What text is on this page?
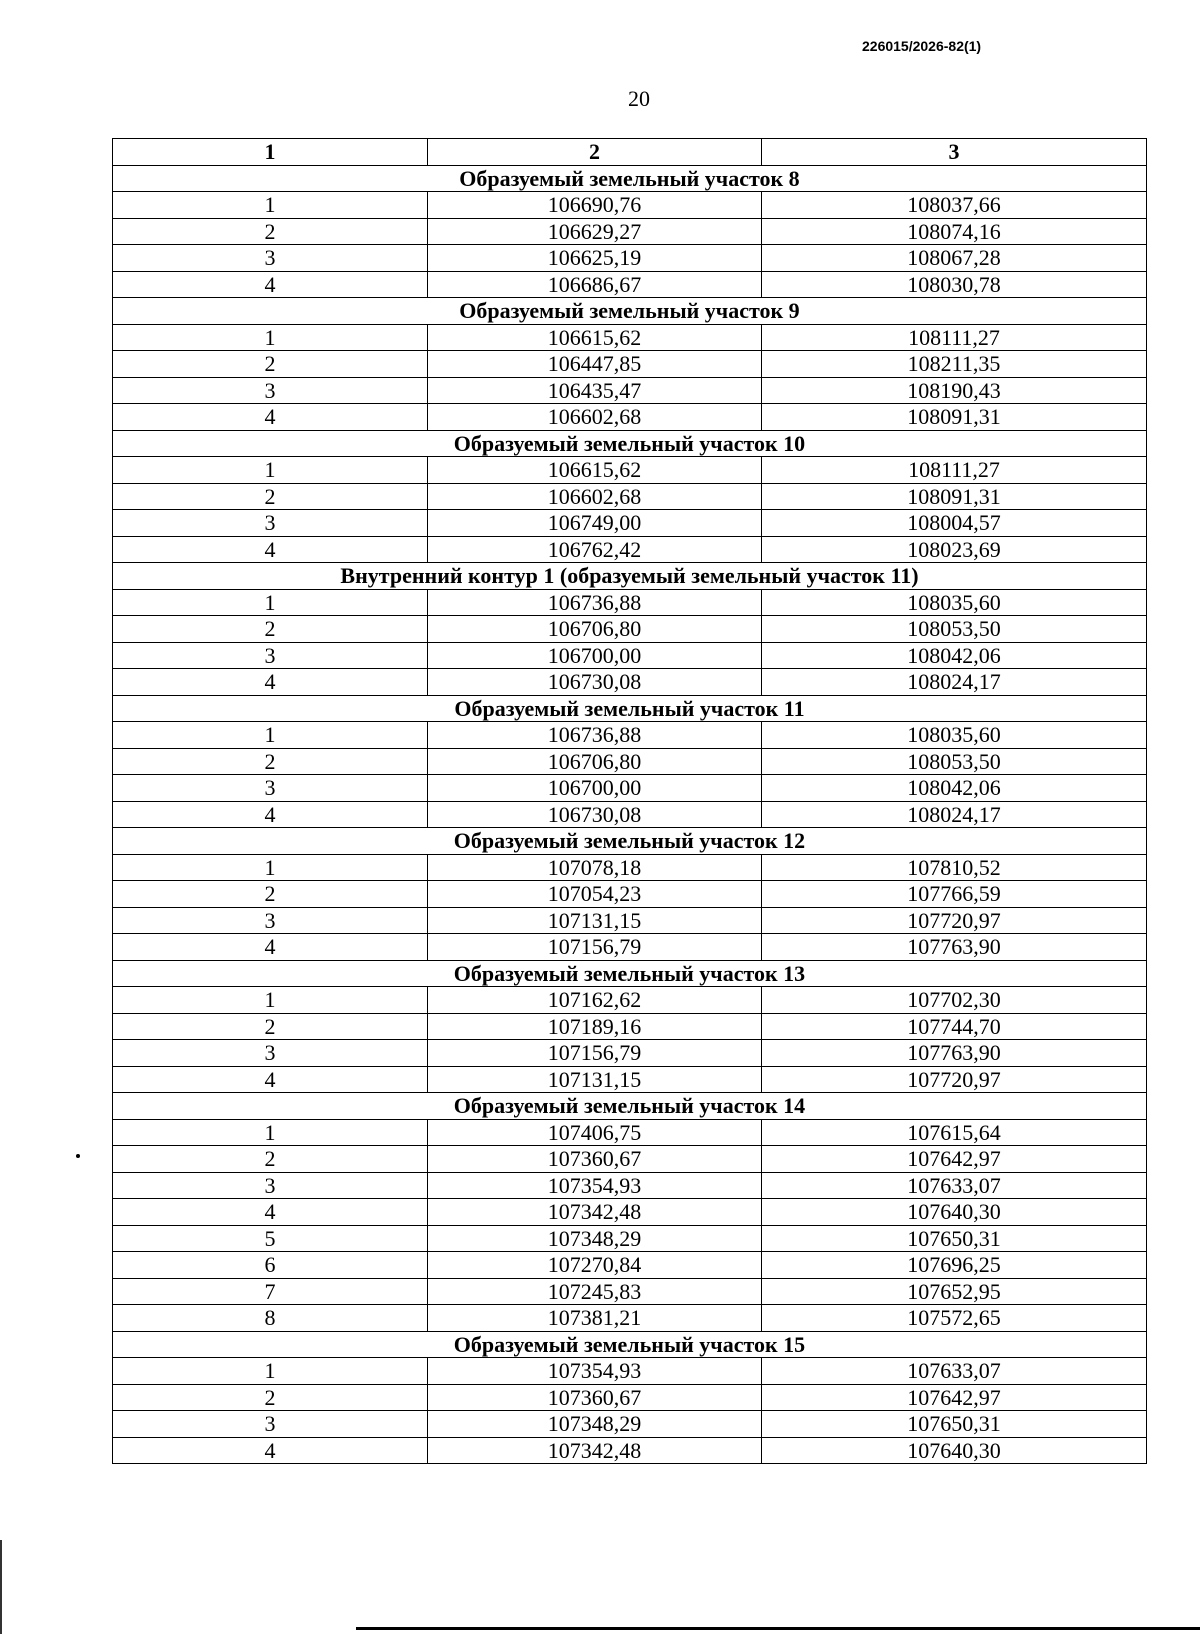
226015/2026-82(1)
20
1	2	3
Образуемый земельный участок 8		
1	106690,76	108037,66
2	106629,27	108074,16
3	106625,19	108067,28
4	106686,67	108030,78
Образуемый земельный участок 9		
1	106615,62	108111,27
2	106447,85	108211,35
3	106435,47	108190,43
4	106602,68	108091,31
Образуемый земельный участок 10		
1	106615,62	108111,27
2	106602,68	108091,31
3	106749,00	108004,57
4	106762,42	108023,69
Внутренний контур 1 (образуемый земельный участок 11)		
1	106736,88	108035,60
2	106706,80	108053,50
3	106700,00	108042,06
4	106730,08	108024,17
Образуемый земельный участок 11		
1	106736,88	108035,60
2	106706,80	108053,50
3	106700,00	108042,06
4	106730,08	108024,17
Образуемый земельный участок 12		
1	107078,18	107810,52
2	107054,23	107766,59
3	107131,15	107720,97
4	107156,79	107763,90
Образуемый земельный участок 13		
1	107162,62	107702,30
2	107189,16	107744,70
3	107156,79	107763,90
4	107131,15	107720,97
Образуемый земельный участок 14		
1	107406,75	107615,64
2	107360,67	107642,97
3	107354,93	107633,07
4	107342,48	107640,30
5	107348,29	107650,31
6	107270,84	107696,25
7	107245,83	107652,95
8	107381,21	107572,65
Образуемый земельный участок 15		
1	107354,93	107633,07
2	107360,67	107642,97
3	107348,29	107650,31
4	107342,48	107640,30
